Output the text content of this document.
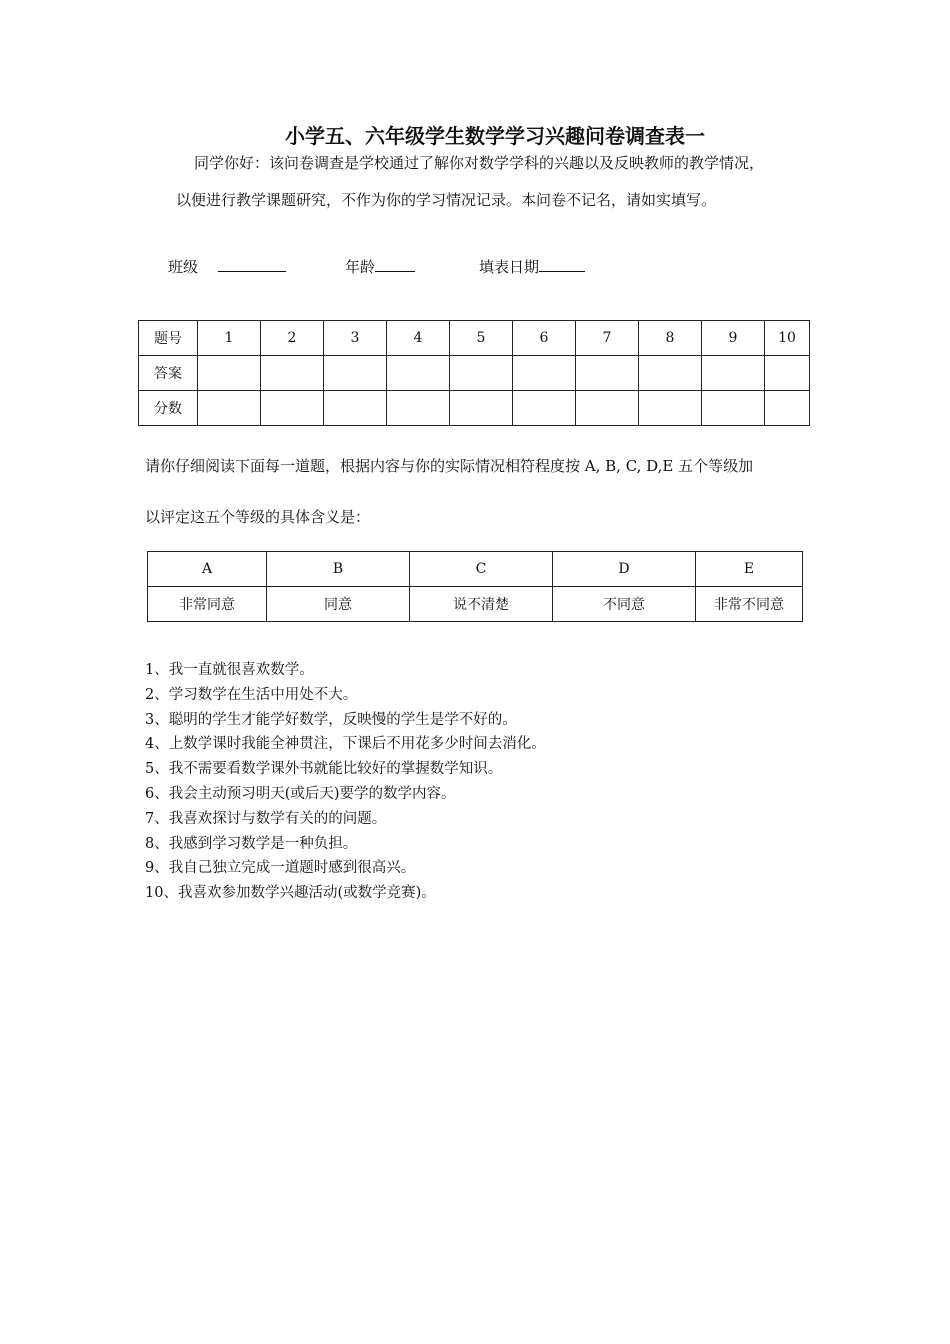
小学五、六年级学生数学学习兴趣问卷调查表一
同学你好：该问卷调查是学校通过了解你对数学学科的兴趣以及反映教师的教学情况，
以便进行教学课题研究，不作为你的学习情况记录。本问卷不记名，请如实填写。
班级	年龄	填表日期
题号	1	2	3	4	5	6	7	8	9	10
答案										
分数										
请你仔细阅读下面每一道题，根据内容与你的实际情况相符程度按 A, B, C, D,E 五个等级加
以评定这五个等级的具体含义是：
A	B	C	D	E
非常同意	同意	说不清楚	不同意	非常不同意
1、我一直就很喜欢数学。
2、学习数学在生活中用处不大。
3、聪明的学生才能学好数学，反映慢的学生是学不好的。
4、上数学课时我能全神贯注，下课后不用花多少时间去消化。
5、我不需要看数学课外书就能比较好的掌握数学知识。
6、我会主动预习明天(或后天)要学的数学内容。
7、我喜欢探讨与数学有关的的问题。
8、我感到学习数学是一种负担。
9、我自己独立完成一道题时感到很高兴。
10、我喜欢参加数学兴趣活动(或数学竞赛)。
